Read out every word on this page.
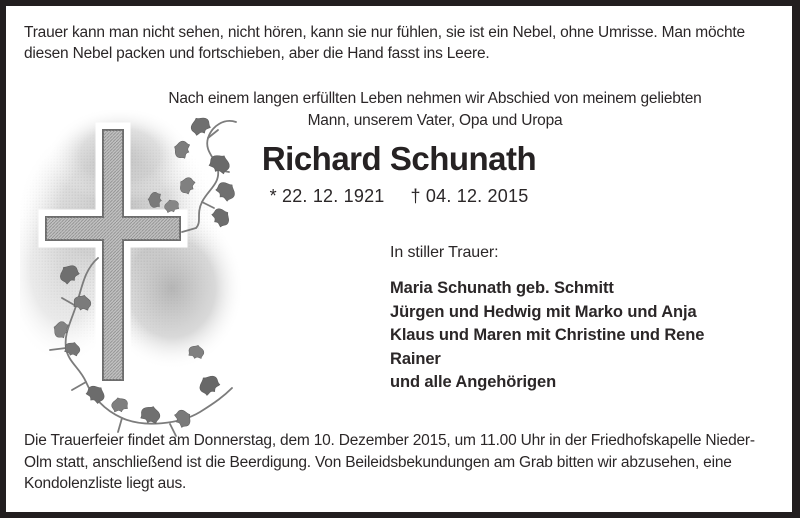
Trauer kann man nicht sehen, nicht hören, kann sie nur fühlen, sie ist ein Nebel, ohne Umrisse. Man möchte
diesen Nebel packen und fortschieben, aber die Hand fasst ins Leere.
Nach einem langen erfüllten Leben nehmen wir Abschied von meinem geliebten
Mann, unserem Vater, Opa und Uropa
Richard Schunath
* 22. 12. 1921 † 04. 12. 2015
In stiller Trauer:
Maria Schunath geb. Schmitt
Jürgen und Hedwig mit Marko und Anja
Klaus und Maren mit Christine und Rene
Rainer
und alle Angehörigen
Die Trauerfeier findet am Donnerstag, dem 10. Dezember 2015, um 11.00 Uhr in der Friedhofskapelle Nieder-
Olm statt, anschließend ist die Beerdigung. Von Beileidsbekundungen am Grab bitten wir abzusehen, eine
Kondolenzliste liegt aus.
